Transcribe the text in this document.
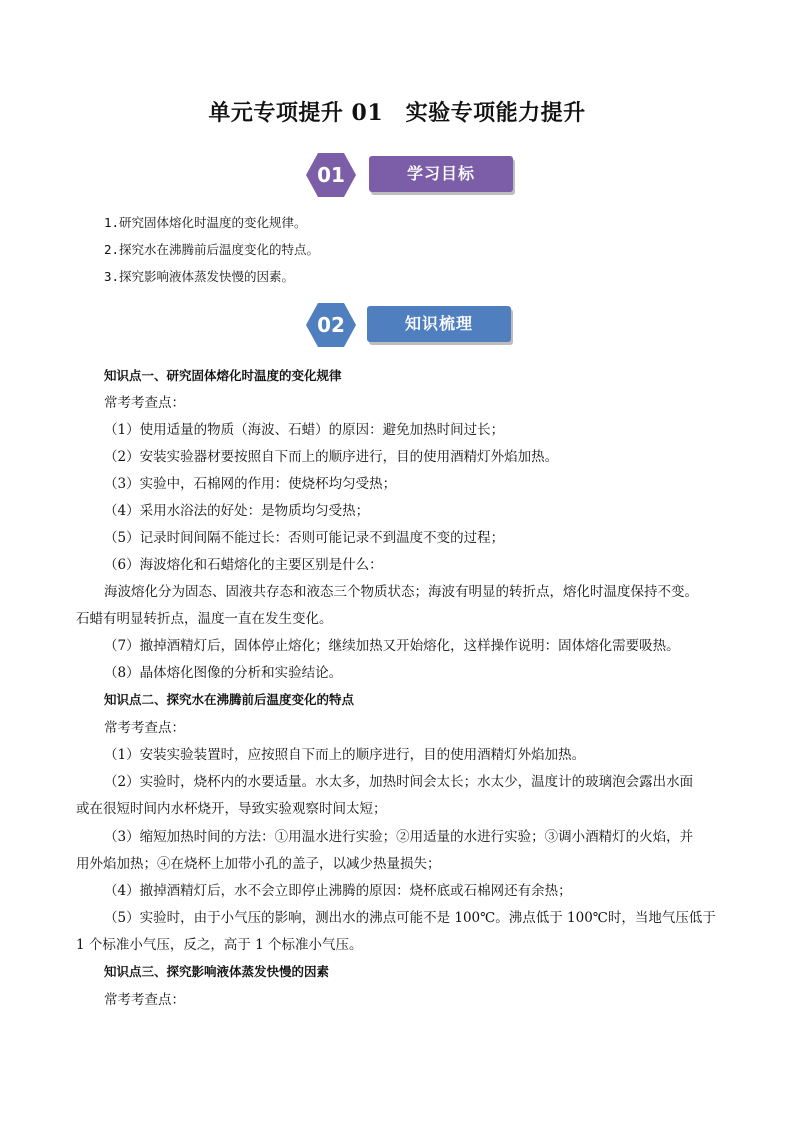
单元专项提升 01　实验专项能力提升
01	学习目标
1.研究固体熔化时温度的变化规律。
2.探究水在沸腾前后温度变化的特点。
3.探究影响液体蒸发快慢的因素。
02	知识梳理
知识点一、研究固体熔化时温度的变化规律
常考考查点：
（1）使用适量的物质（海波、石蜡）的原因：避免加热时间过长；
（2）安装实验器材要按照自下而上的顺序进行，目的使用酒精灯外焰加热。
（3）实验中，石棉网的作用：使烧杯均匀受热；
（4）采用水浴法的好处：是物质均匀受热；
（5）记录时间间隔不能过长：否则可能记录不到温度不变的过程；
（6）海波熔化和石蜡熔化的主要区别是什么：
海波熔化分为固态、固液共存态和液态三个物质状态；海波有明显的转折点，熔化时温度保持不变。
石蜡有明显转折点，温度一直在发生变化。
（7）撤掉酒精灯后，固体停止熔化；继续加热又开始熔化，这样操作说明：固体熔化需要吸热。
（8）晶体熔化图像的分析和实验结论。
知识点二、探究水在沸腾前后温度变化的特点
常考考查点：
（1）安装实验装置时，应按照自下而上的顺序进行，目的使用酒精灯外焰加热。
（2）实验时，烧杯内的水要适量。水太多，加热时间会太长；水太少，温度计的玻璃泡会露出水面
或在很短时间内水杯烧开，导致实验观察时间太短；
（3）缩短加热时间的方法：①用温水进行实验；②用适量的水进行实验；③调小酒精灯的火焰，并
用外焰加热；④在烧杯上加带小孔的盖子，以减少热量损失；
（4）撤掉酒精灯后，水不会立即停止沸腾的原因：烧杯底或石棉网还有余热；
（5）实验时，由于小气压的影响，测出水的沸点可能不是 100℃。沸点低于 100℃时，当地气压低于
1 个标准小气压，反之，高于 1 个标准小气压。
知识点三、探究影响液体蒸发快慢的因素
常考考查点：
